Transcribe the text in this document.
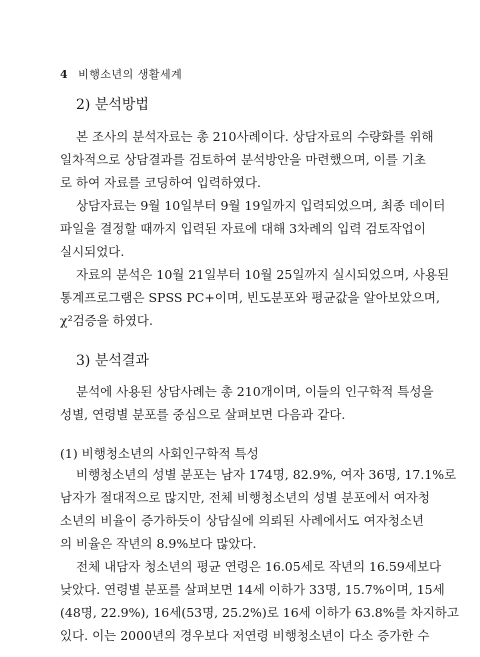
4 비행소년의 생활세계
2) 분석방법
본 조사의 분석자료는 총 210사례이다. 상담자료의 수량화를 위해
일차적으로 상담결과를 검토하여 분석방안을 마련했으며, 이를 기초
로 하여 자료를 코딩하여 입력하였다.
상담자료는 9월 10일부터 9월 19일까지 입력되었으며, 최종 데이터
파일을 결정할 때까지 입력된 자료에 대해 3차례의 입력 검토작업이
실시되었다.
자료의 분석은 10월 21일부터 10월 25일까지 실시되었으며, 사용된
통계프로그램은 SPSS PC+이며, 빈도분포와 평균값을 알아보았으며,
χ²검증을 하였다.
3) 분석결과
분석에 사용된 상담사례는 총 210개이며, 이들의 인구학적 특성을
성별, 연령별 분포를 중심으로 살펴보면 다음과 같다.
(1) 비행청소년의 사회인구학적 특성
비행청소년의 성별 분포는 남자 174명, 82.9%, 여자 36명, 17.1%로
남자가 절대적으로 많지만, 전체 비행청소년의 성별 분포에서 여자청
소년의 비율이 증가하듯이 상담실에 의뢰된 사례에서도 여자청소년
의 비율은 작년의 8.9%보다 많았다.
전체 내담자 청소년의 평균 연령은 16.05세로 작년의 16.59세보다
낮았다. 연령별 분포를 살펴보면 14세 이하가 33명, 15.7%이며, 15세
(48명, 22.9%), 16세(53명, 25.2%)로 16세 이하가 63.8%를 차지하고
있다. 이는 2000년의 경우보다 저연령 비행청소년이 다소 증가한 수
